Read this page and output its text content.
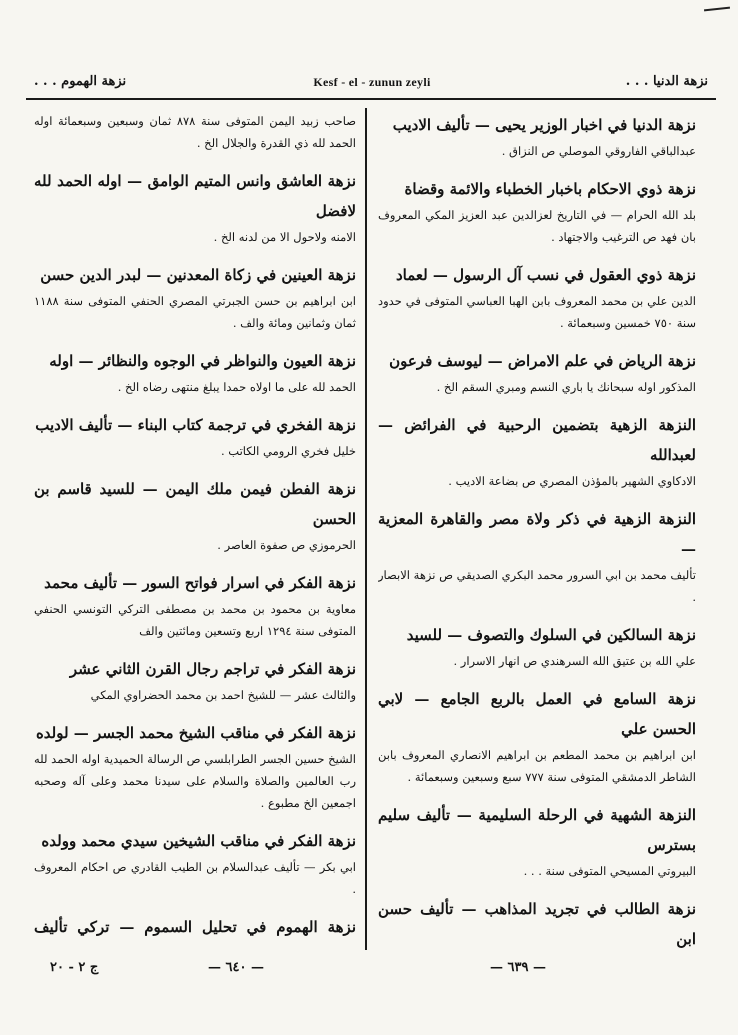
نزهة الدنيا . . .
Kesf - el - zunun zeyli
نزهة الهموم . . .
نزهة الدنيا في اخبار الوزير يحيى — تأليف الاديب
عبدالباقي الفاروقي الموصلي ص النزاق .
نزهة ذوي الاحكام باخبار الخطباء والائمة وقضاة
بلد الله الحرام — في التاريخ لعزالدين عبد العزيز المكي المعروف بان فهد ص الترغيب والاجتهاد .
نزهة ذوي العقول في نسب آل الرسول — لعماد
الدين علي بن محمد المعروف بابن الهبا العباسي المتوفى في حدود سنة ٧٥٠ خمسين وسبعمائة .
نزهة الرياض في علم الامراض — ليوسف فرعون
المذكور اوله سبحانك يا باري النسم ومبري السقم الخ .
النزهة الزهية بتضمين الرحبية في الفرائض — لعبدالله
الادكاوي الشهير بالمؤذن المصري ص بضاعة الاديب .
النزهة الزهية في ذكر ولاة مصر والقاهرة المعزية —
تأليف محمد بن ابي السرور محمد البكري الصديقي ص نزهة الابصار .
نزهة السالكين في السلوك والتصوف — للسيد
علي الله بن عتيق الله السرهندي ص انهار الاسرار .
نزهة السامع في العمل بالربع الجامع — لابي الحسن علي
ابن ابراهيم بن محمد المطعم بن ابراهيم الانصاري المعروف بابن الشاطر الدمشقي المتوفى سنة ٧٧٧ سبع وسبعين وسبعمائة .
النزهة الشهية في الرحلة السليمية — تأليف سليم بسترس
البيروتي المسيحي المتوفى سنة . . .
نزهة الطالب في تجريد المذاهب — تأليف حسن ابن
صاحب زبيد اليمن المتوفى سنة ٨٧٨ ثمان وسبعين وسبعمائة اوله الحمد لله ذي القدرة والجلال الخ .
نزهة العاشق وانس المتيم الوامق — اوله الحمد لله لافضل
الامنه ولاحول الا من لدنه الخ .
نزهة العينين في زكاة المعدنين — لبدر الدين حسن
ابن ابراهيم بن حسن الجبرتي المصري الحنفي المتوفى سنة ١١٨٨ ثمان وثمانين ومائة والف .
نزهة العيون والنواظر في الوجوه والنظائر — اوله
الحمد لله على ما اولاه حمدا يبلغ منتهى رضاه الخ .
نزهة الفخري في ترجمة كتاب البناء — تأليف الاديب
خليل فخري الرومي الكاتب .
نزهة الفطن فيمن ملك اليمن — للسيد قاسم بن الحسن
الحرموزي ص صفوة العاصر .
نزهة الفكر في اسرار فواتح السور — تأليف محمد
معاوية بن محمود بن محمد بن مصطفى التركي التونسي الحنفي المتوفى سنة ١٢٩٤ اربع وتسعين ومائتين والف
نزهة الفكر في تراجم رجال القرن الثاني عشر
والثالث عشر — للشيخ احمد بن محمد الحضراوي المكي
نزهة الفكر في مناقب الشيخ محمد الجسر — لولده
الشيخ حسين الجسر الطرابلسي ص الرسالة الحميدية اوله الحمد لله رب العالمين والصلاة والسلام على سيدنا محمد وعلى آله وصحبه اجمعين الخ مطبوع .
نزهة الفكر في مناقب الشيخين سيدي محمد وولده
ابي بكر — تأليف عبدالسلام بن الطيب القادري ص احكام المعروف .
نزهة الهموم في تحليل السموم — تركي تأليف
— ٦٣٩ —
— ٦٤٠ —
ج ٢ - ٢٠
